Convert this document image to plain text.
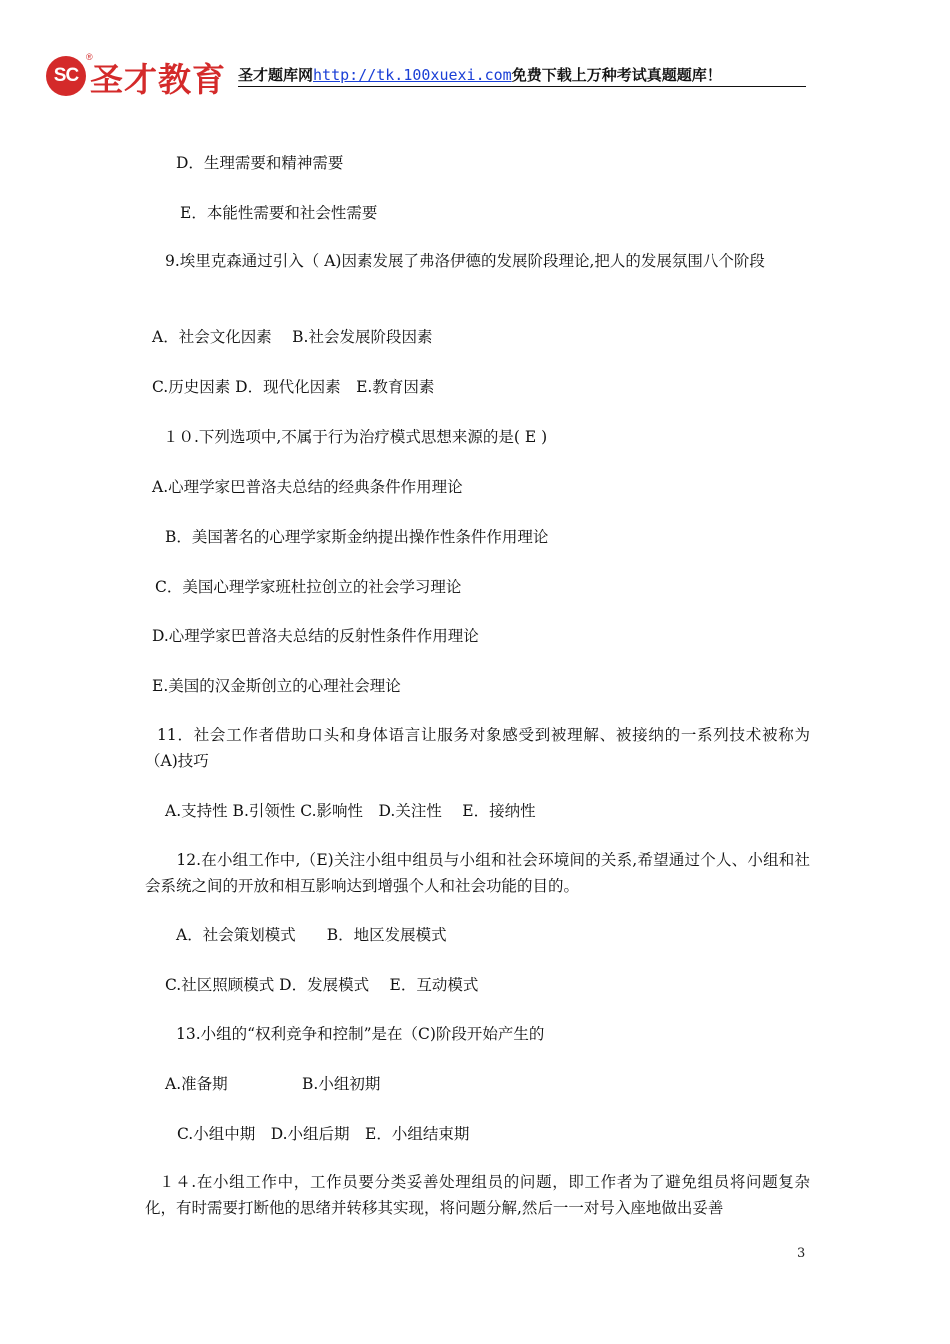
SC
®
圣才教育 圣才题库网http://tk.100xuexi.com免费下载上万种考试真题题库！
D．生理需要和精神需要
E．本能性需要和社会性需要
9.埃里克森通过引入（ A)因素发展了弗洛伊德的发展阶段理论,把人的发展氛围八个阶段
A．社会文化因素　 B.社会发展阶段因素
C.历史因素 D．现代化因素　E.教育因素
１０.下列选项中,不属于行为治疗模式思想来源的是( E )
A.心理学家巴普洛夫总结的经典条件作用理论
B．美国著名的心理学家斯金纳提出操作性条件作用理论
C．美国心理学家班杜拉创立的社会学习理论
D.心理学家巴普洛夫总结的反射性条件作用理论
E.美国的汉金斯创立的心理社会理论
11．社会工作者借助口头和身体语言让服务对象感受到被理解、被接纳的一系列技术被称为（A)技巧
A.支持性 B.引领性 C.影响性　D.关注性　 E．接纳性
　　12.在小组工作中,（E)关注小组中组员与小组和社会环境间的关系,希望通过个人、小组和社会系统之间的开放和相互影响达到增强个人和社会功能的目的。
A．社会策划模式　　B．地区发展模式
C.社区照顾模式 D．发展模式　 E．互动模式
13.小组的“权利竞争和控制”是在（C)阶段开始产生的
A.准备期	B.小组初期
C.小组中期　D.小组后期　E．小组结束期
１４.在小组工作中，工作员要分类妥善处理组员的问题，即工作者为了避免组员将问题复杂化，有时需要打断他的思绪并转移其实现，将问题分解,然后一一对号入座地做出妥善
3
